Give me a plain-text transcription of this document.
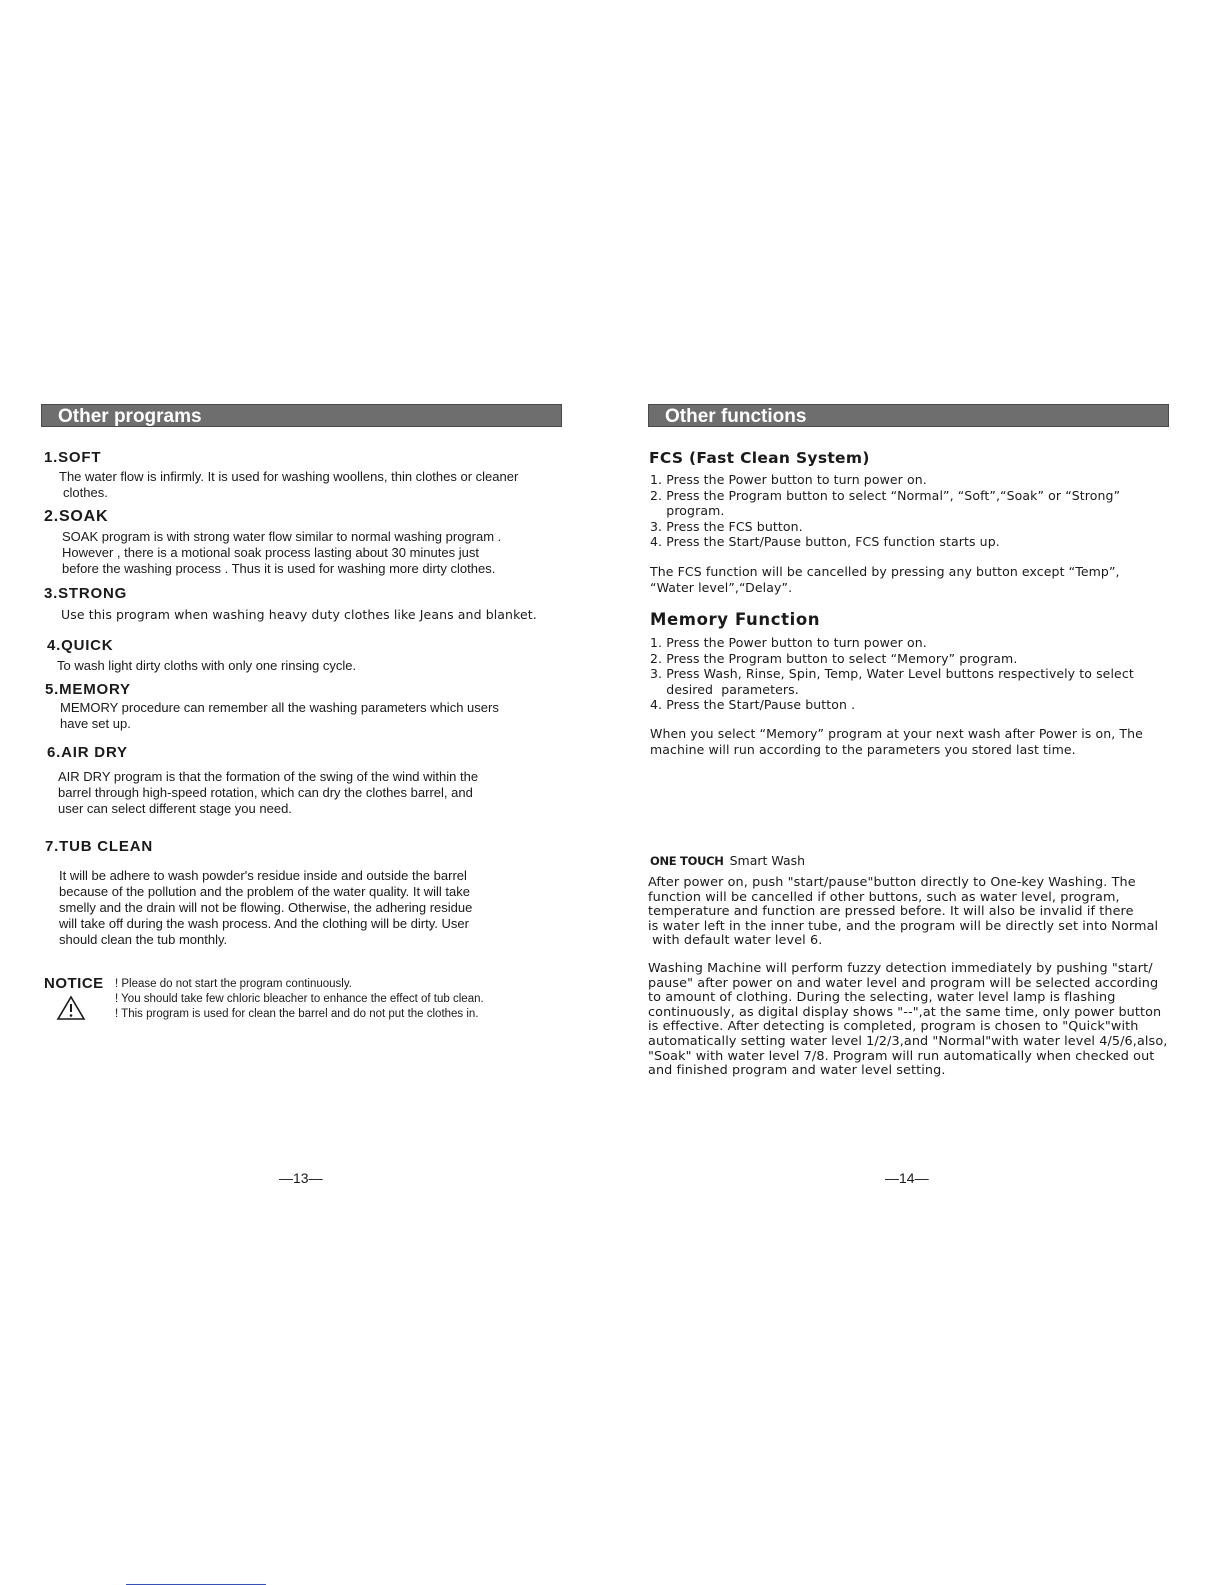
Other programs
1.SOFT
The water flow is infirmly. It is used for washing woollens, thin clothes or cleaner
clothes.
2.SOAK
SOAK program is with strong water flow similar to normal washing program .
However , there is a motional soak process lasting about 30 minutes just
before the washing process . Thus it is used for washing more dirty clothes.
3.STRONG
Use this program when washing heavy duty clothes like Jeans and blanket.
4.QUICK
To wash light dirty cloths with only one rinsing cycle.
5.MEMORY
MEMORY procedure can remember all the washing parameters which users
have set up.
6.AIR DRY
AIR DRY program is that the formation of the swing of the wind within the
barrel through high-speed rotation, which can dry the clothes barrel, and
user can select different stage you need.
7.TUB CLEAN
It will be adhere to wash powder's residue inside and outside the barrel
because of the pollution and the problem of the water quality. It will take
smelly and the drain will not be flowing. Otherwise, the adhering residue
will take off during the wash process. And the clothing will be dirty. User
should clean the tub monthly.
NOTICE ! Please do not start the program continuously.
! You should take few chloric bleacher to enhance the effect of tub clean.
! This program is used for clean the barrel and do not put the clothes in.
—13—
Other functions
FCS (Fast Clean System)
1. Press the Power button to turn power on.
2. Press the Program button to select “Normal”, “Soft”,“Soak” or “Strong”
program.
3. Press the FCS button.
4. Press the Start/Pause button, FCS function starts up.
The FCS function will be cancelled by pressing any button except “Temp”,
“Water level”,“Delay”.
Memory Function
1. Press the Power button to turn power on.
2. Press the Program button to select “Memory” program.
3. Press Wash, Rinse, Spin, Temp, Water Level buttons respectively to select
desired  parameters.
4. Press the Start/Pause button .
When you select “Memory” program at your next wash after Power is on, The
machine will run according to the parameters you stored last time.
ONE TOUCH Smart Wash
After power on, push "start/pause"button directly to One-key Washing. The
function will be cancelled if other buttons, such as water level, program,
temperature and function are pressed before. It will also be invalid if there
is water left in the inner tube, and the program will be directly set into Normal
with default water level 6.
Washing Machine will perform fuzzy detection immediately by pushing "start/
pause" after power on and water level and program will be selected according
to amount of clothing. During the selecting, water level lamp is flashing
continuously, as digital display shows "--",at the same time, only power button
is effective. After detecting is completed, program is chosen to "Quick"with
automatically setting water level 1/2/3,and "Normal"with water level 4/5/6,also,
"Soak" with water level 7/8. Program will run automatically when checked out
and finished program and water level setting.
—14—
